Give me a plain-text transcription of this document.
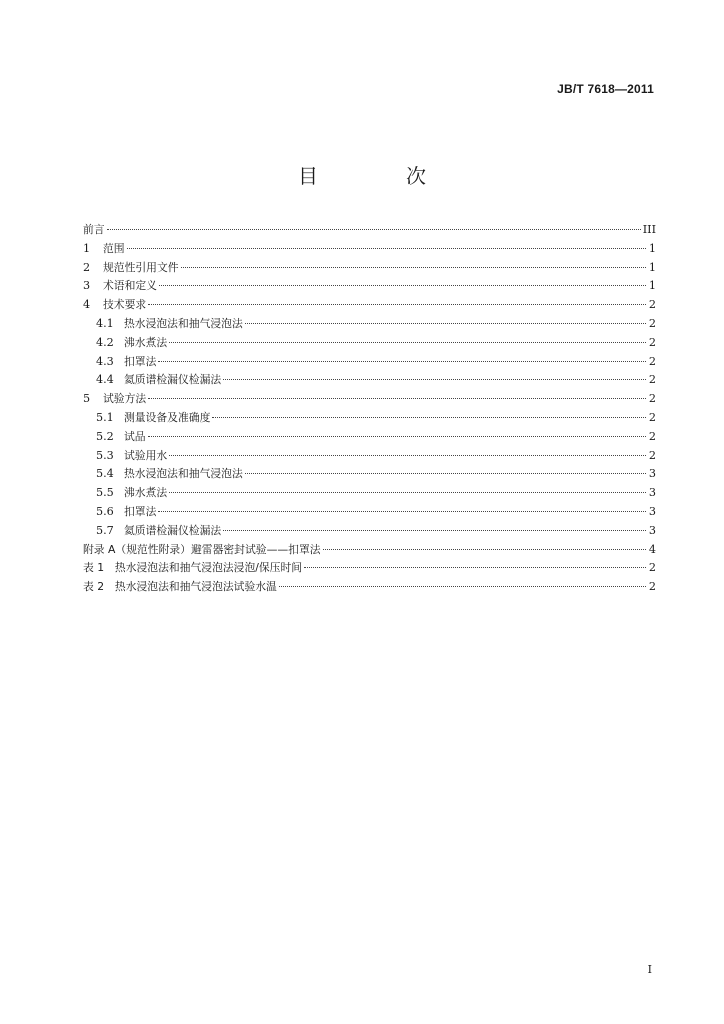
JB/T 7618—2011
目　次
前言	III
1	范围	1
2	规范性引用文件	1
3	术语和定义	1
4	技术要求	2
4.1 热水浸泡法和抽气浸泡法	2
4.2 沸水煮法	2
4.3 扣罩法	2
4.4 氦质谱检漏仪检漏法	2
5	试验方法	2
5.1 测量设备及准确度	2
5.2 试品	2
5.3 试验用水	2
5.4 热水浸泡法和抽气浸泡法	3
5.5 沸水煮法	3
5.6 扣罩法	3
5.7 氦质谱检漏仪检漏法	3
附录 A（规范性附录）避雷器密封试验——扣罩法	4
表 1　热水浸泡法和抽气浸泡法浸泡/保压时间	2
表 2　热水浸泡法和抽气浸泡法试验水温	2
I
